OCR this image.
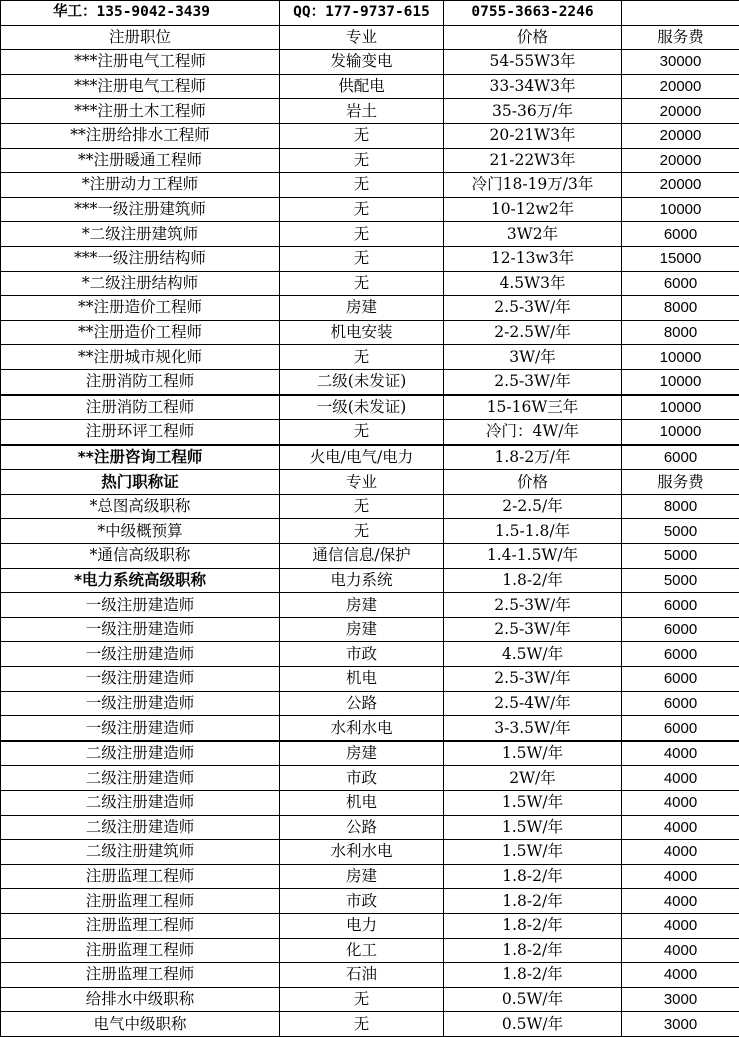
华工：135-9042-3439	QQ：177-9737-615	0755-3663-2246	
注册职位	专业	价格	服务费
***注册电气工程师	发输变电	54-55W3年	30000
***注册电气工程师	供配电	33-34W3年	20000
***注册土木工程师	岩土	35-36万/年	20000
**注册给排水工程师	无	20-21W3年	20000
**注册暖通工程师	无	21-22W3年	20000
*注册动力工程师	无	冷门18-19万/3年	20000
***一级注册建筑师	无	10-12w2年	10000
*二级注册建筑师	无	3W2年	6000
***一级注册结构师	无	12-13w3年	15000
*二级注册结构师	无	4.5W3年	6000
**注册造价工程师	房建	2.5-3W/年	8000
**注册造价工程师	机电安装	2-2.5W/年	8000
**注册城市规化师	无	3W/年	10000
注册消防工程师	二级(未发证)	2.5-3W/年	10000
注册消防工程师	一级(未发证)	15-16W三年	10000
注册环评工程师	无	冷门：4W/年	10000
**注册咨询工程师	火电/电气/电力	1.8-2万/年	6000
热门职称证	专业	价格	服务费
*总图高级职称	无	2-2.5/年	8000
*中级概预算	无	1.5-1.8/年	5000
*通信高级职称	通信信息/保护	1.4-1.5W/年	5000
*电力系统高级职称	电力系统	1.8-2/年	5000
一级注册建造师	房建	2.5-3W/年	6000
一级注册建造师	房建	2.5-3W/年	6000
一级注册建造师	市政	4.5W/年	6000
一级注册建造师	机电	2.5-3W/年	6000
一级注册建造师	公路	2.5-4W/年	6000
一级注册建造师	水利水电	3-3.5W/年	6000
二级注册建造师	房建	1.5W/年	4000
二级注册建造师	市政	2W/年	4000
二级注册建造师	机电	1.5W/年	4000
二级注册建造师	公路	1.5W/年	4000
二级注册建筑师	水利水电	1.5W/年	4000
注册监理工程师	房建	1.8-2/年	4000
注册监理工程师	市政	1.8-2/年	4000
注册监理工程师	电力	1.8-2/年	4000
注册监理工程师	化工	1.8-2/年	4000
注册监理工程师	石油	1.8-2/年	4000
给排水中级职称	无	0.5W/年	3000
电气中级职称	无	0.5W/年	3000
